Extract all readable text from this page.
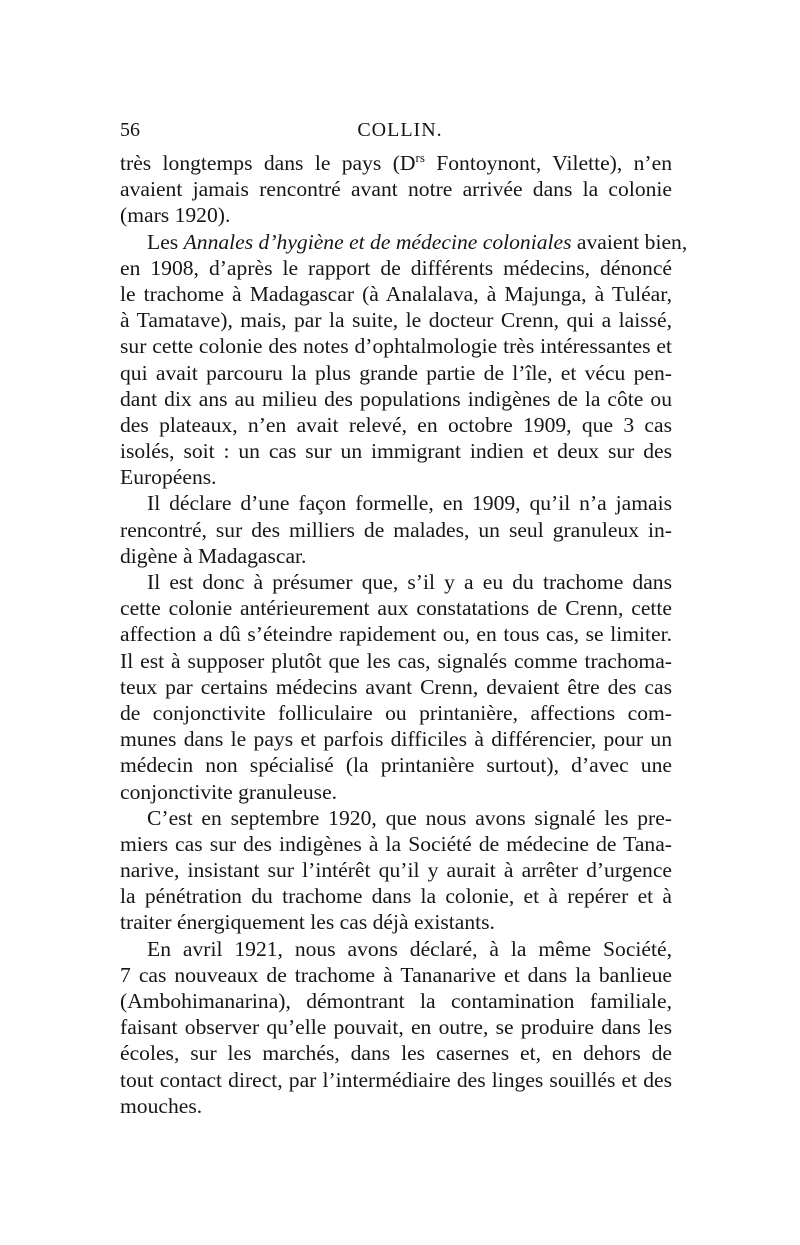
56	COLLIN.
très longtemps dans le pays ($D^{rs}$ Fontoynont, Vilette), n’en
avaient jamais rencontré avant notre arrivée dans la colonie
(mars 1920).
Les Annales d’hygiène et de médecine coloniales avaient bien,
en 1908, d’après le rapport de différents médecins, dénoncé
le trachome à Madagascar (à Analalava, à Majunga, à Tuléar,
à Tamatave), mais, par la suite, le docteur Crenn, qui a laissé,
sur cette colonie des notes d’ophtalmologie très intéressantes et
qui avait parcouru la plus grande partie de l’île, et vécu pen-
dant dix ans au milieu des populations indigènes de la côte ou
des plateaux, n’en avait relevé, en octobre 1909, que 3 cas
isolés, soit : un cas sur un immigrant indien et deux sur des
Européens.
Il déclare d’une façon formelle, en 1909, qu’il n’a jamais
rencontré, sur des milliers de malades, un seul granuleux in-
digène à Madagascar.
Il est donc à présumer que, s’il y a eu du trachome dans
cette colonie antérieurement aux constatations de Crenn, cette
affection a dû s’éteindre rapidement ou, en tous cas, se limiter.
Il est à supposer plutôt que les cas, signalés comme trachoma-
teux par certains médecins avant Crenn, devaient être des cas
de conjonctivite folliculaire ou printanière, affections com-
munes dans le pays et parfois difficiles à différencier, pour un
médecin non spécialisé (la printanière surtout), d’avec une
conjonctivite granuleuse.
C’est en septembre 1920, que nous avons signalé les pre-
miers cas sur des indigènes à la Société de médecine de Tana-
narive, insistant sur l’intérêt qu’il y aurait à arrêter d’urgence
la pénétration du trachome dans la colonie, et à repérer et à
traiter énergiquement les cas déjà existants.
En avril 1921, nous avons déclaré, à la même Société,
7 cas nouveaux de trachome à Tananarive et dans la banlieue
(Ambohimanarina), démontrant la contamination familiale,
faisant observer qu’elle pouvait, en outre, se produire dans les
écoles, sur les marchés, dans les casernes et, en dehors de
tout contact direct, par l’intermédiaire des linges souillés et des
mouches.
